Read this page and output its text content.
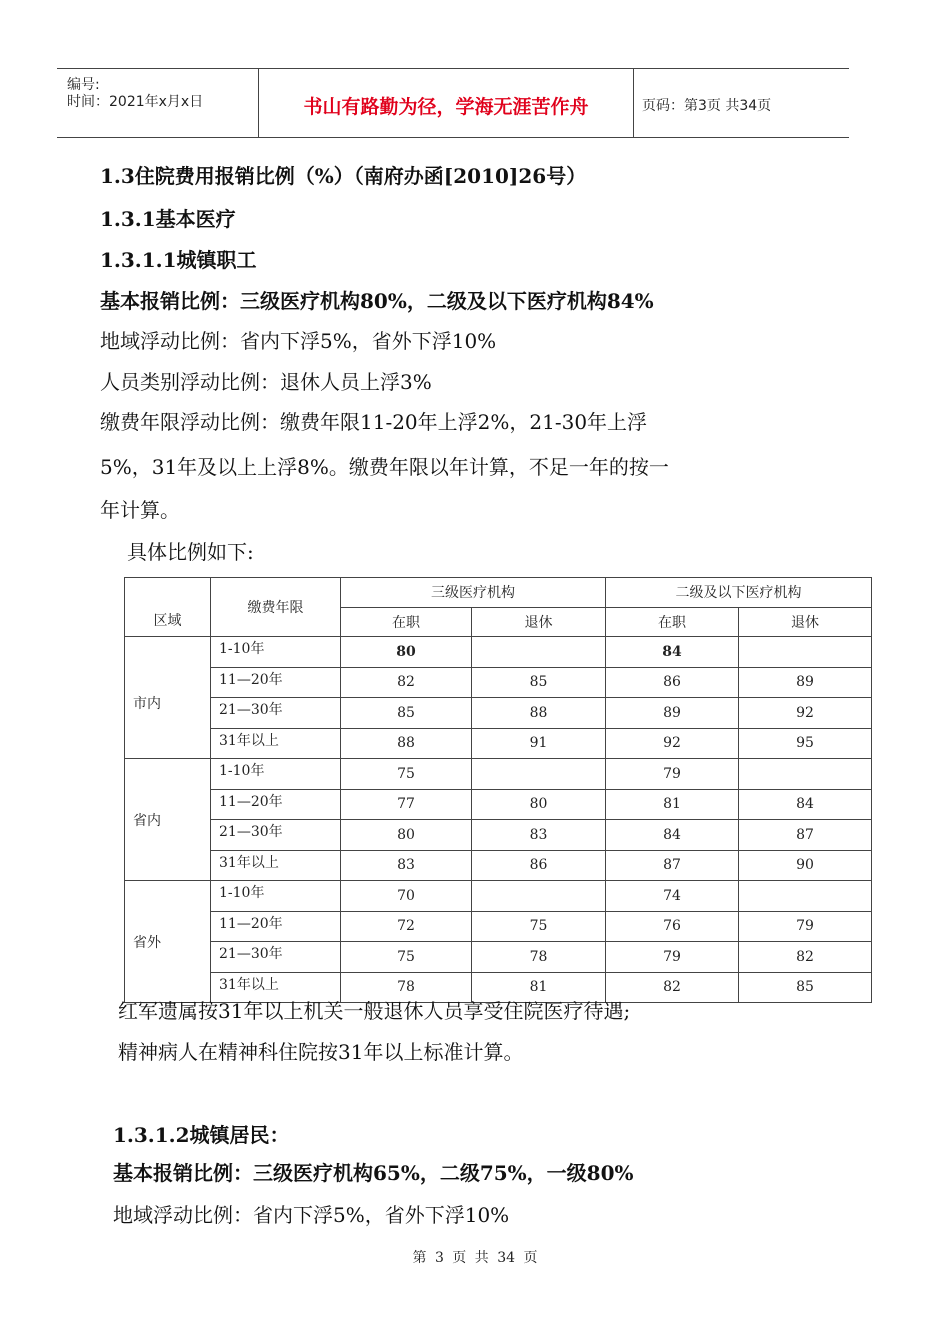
编号:
时间：2021年x月x日	书山有路勤为径，学海无涯苦作舟	页码：第3页 共34页
1.3住院费用报销比例（%）（南府办函[2010]26号）
1.3.1基本医疗
1.3.1.1城镇职工
基本报销比例：三级医疗机构80%，二级及以下医疗机构84%
地域浮动比例：省内下浮5%，省外下浮10%
人员类别浮动比例：退休人员上浮3%
缴费年限浮动比例：缴费年限11-20年上浮2%，21-30年上浮
5%，31年及以上上浮8%。缴费年限以年计算，不足一年的按一
年计算。
具体比例如下:
区域	缴费年限	三级医疗机构		二级及以下医疗机构	
		在职	退休	在职	退休
市内	1-10年	80		84	
	11—20年	82	85	86	89
	21—30年	85	88	89	92
	31年以上	88	91	92	95
省内	1-10年	75		79	
	11—20年	77	80	81	84
	21—30年	80	83	84	87
	31年以上	83	86	87	90
省外	1-10年	70		74	
	11—20年	72	75	76	79
	21—30年	75	78	79	82
	31年以上	78	81	82	85
红军遗属按31年以上机关一般退休人员享受住院医疗待遇;
精神病人在精神科住院按31年以上标准计算。
1.3.1.2城镇居民：
基本报销比例：三级医疗机构65%，二级75%，一级80%
地域浮动比例：省内下浮5%，省外下浮10%
第 3 页 共 34 页
